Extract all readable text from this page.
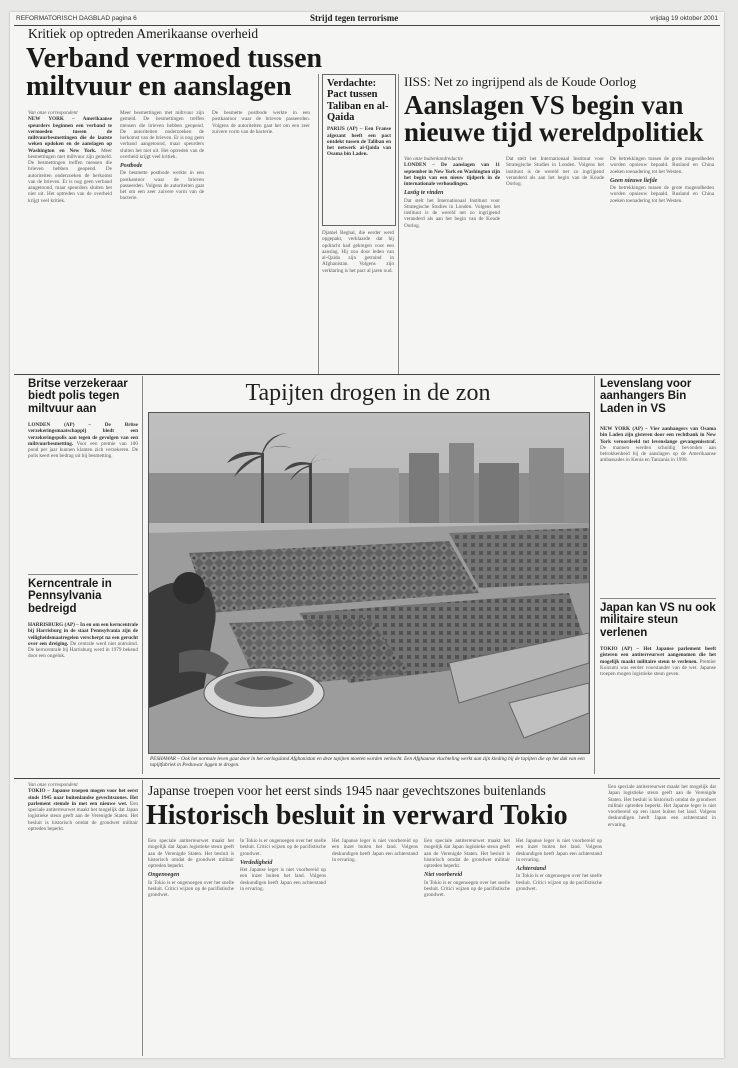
REFORMATORISCH DAGBLAD pagina 6	Strijd tegen terrorisme	vrijdag 19 oktober 2001
Kritiek op optreden Amerikaanse overheid
Verband vermoed tussen miltvuur en aanslagen
Van onze correspondent
NEW YORK – Amerikaanse speurders beginnen een verband te vermoeden tussen de miltvuurbesmettingen die de laatste weken opdoken en de aanslagen op Washington en New York. Meer besmettingen met miltvuur zijn gemeld. De besmettingen treffen mensen die brieven hebben geopend. De autoriteiten onderzoeken de herkomst van de brieven. Er is nog geen verband aangetoond, maar speurders sluiten het niet uit. Het optreden van de overheid krijgt veel kritiek.
Meer besmettingen met miltvuur zijn gemeld. De besmettingen treffen mensen die brieven hebben geopend. De autoriteiten onderzoeken de herkomst van de brieven. Er is nog geen verband aangetoond, maar speurders sluiten het niet uit. Het optreden van de overheid krijgt veel kritiek.
Postbode
De besmette postbode werkte in een postkantoor waar de brieven passeerden. Volgens de autoriteiten gaat het om een zeer zuivere vorm van de bacterie.
De besmette postbode werkte in een postkantoor waar de brieven passeerden. Volgens de autoriteiten gaat het om een zeer zuivere vorm van de bacterie.
Verdachte: Pact tussen Taliban en al-Qaida
PARIJS (AP) – Een Franse afgezant heeft een pact ontdekt tussen de Taliban en het netwerk al-Qaida van Osama bin Laden.
Djamel Beghal, die eerder werd opgepakt, verklaarde dat hij opdracht had gekregen voor een aanslag. Hij zou door leden van al-Qaida zijn getraind in Afghanistan. Volgens zijn verklaring is het pact al jaren oud.
IISS: Net zo ingrijpend als de Koude Oorlog
Aanslagen VS begin van nieuwe tijd wereldpolitiek
Van onze buitenlandredactie
LONDEN – De aanslagen van 11 september in New York en Washington zijn het begin van een nieuw tijdperk in de internationale verhoudingen.
Lastig te vinden
Dat stelt het Internationaal Instituut voor Strategische Studies in Londen. Volgens het instituut is de wereld net zo ingrijpend veranderd als aan het begin van de Koude Oorlog.
Dat stelt het Internationaal Instituut voor Strategische Studies in Londen. Volgens het instituut is de wereld net zo ingrijpend veranderd als aan het begin van de Koude Oorlog.
De betrekkingen tussen de grote mogendheden worden opnieuw bepaald. Rusland en China zoeken toenadering tot het Westen.
Geen nieuwe liefde
De betrekkingen tussen de grote mogendheden worden opnieuw bepaald. Rusland en China zoeken toenadering tot het Westen.
Britse verzekeraar biedt polis tegen miltvuur aan
LONDEN (AP) – De Britse verzekeringsmaatschappij biedt een verzekeringspolis aan tegen de gevolgen van een miltvuurbesmetting. Voor een premie van 100 pond per jaar kunnen klanten zich verzekeren. De polis keert een bedrag uit bij besmetting.
Kerncentrale in Pennsylvania bedreigd
HARRISBURG (AP) – In en om een kerncentrale bij Harrisburg in de staat Pennsylvania zijn de veiligheidsmaatregelen verscherpt na een gerucht over een dreiging. De centrale werd niet ontruimd. De kerncentrale bij Harrisburg werd in 1979 bekend door een ongeluk.
Tapijten drogen in de zon
PESHAWAR – Ook het normale leven gaat door in het oorlogsland Afghanistan en deze tapijten moeten worden verkocht. Een Afghaanse vluchteling werkt aan zijn kleding bij de tapijten die op het dak van een tapijtfabriek in Peshawar liggen te drogen.
Levenslang voor aanhangers Bin Laden in VS
NEW YORK (AP) – Vier aanhangers van Osama bin Laden zijn gisteren door een rechtbank in New York veroordeeld tot levenslange gevangenisstraf. De mannen werden schuldig bevonden aan betrokkenheid bij de aanslagen op de Amerikaanse ambassades in Kenia en Tanzania in 1998.
Japan kan VS nu ook militaire steun verlenen
TOKIO (AP) – Het Japanse parlement heeft gisteren een antiterreurwet aangenomen die het mogelijk maakt militaire steun te verlenen. Premier Koizumi was eerder voorstander van de wet. Japanse troepen mogen logistieke steun geven.
Van onze correspondent
TOKIO – Japanse troepen mogen voor het eerst sinds 1945 naar buitenlandse gevechtszones. Het parlement stemde in met een nieuwe wet. Een speciale antiterreurwet maakt het mogelijk dat Japan logistieke steun geeft aan de Verenigde Staten. Het besluit is historisch omdat de grondwet militair optreden beperkt.
Japanse troepen voor het eerst sinds 1945 naar gevechtszones buitenlands
Historisch besluit in verward Tokio
Een speciale antiterreurwet maakt het mogelijk dat Japan logistieke steun geeft aan de Verenigde Staten. Het besluit is historisch omdat de grondwet militair optreden beperkt.
Ongenoegen
In Tokio is er ongenoegen over het snelle besluit. Critici wijzen op de pacifistische grondwet.
In Tokio is er ongenoegen over het snelle besluit. Critici wijzen op de pacifistische grondwet.
Verdedigheid
Het Japanse leger is niet voorbereid op een inzet buiten het land. Volgens deskundigen heeft Japan een achterstand in ervaring.
Het Japanse leger is niet voorbereid op een inzet buiten het land. Volgens deskundigen heeft Japan een achterstand in ervaring.
Een speciale antiterreurwet maakt het mogelijk dat Japan logistieke steun geeft aan de Verenigde Staten. Het besluit is historisch omdat de grondwet militair optreden beperkt.
Niet voorbereid
In Tokio is er ongenoegen over het snelle besluit. Critici wijzen op de pacifistische grondwet.
Het Japanse leger is niet voorbereid op een inzet buiten het land. Volgens deskundigen heeft Japan een achterstand in ervaring.
Achterstand
In Tokio is er ongenoegen over het snelle besluit. Critici wijzen op de pacifistische grondwet.
Een speciale antiterreurwet maakt het mogelijk dat Japan logistieke steun geeft aan de Verenigde Staten. Het besluit is historisch omdat de grondwet militair optreden beperkt. Het Japanse leger is niet voorbereid op een inzet buiten het land. Volgens deskundigen heeft Japan een achterstand in ervaring.
